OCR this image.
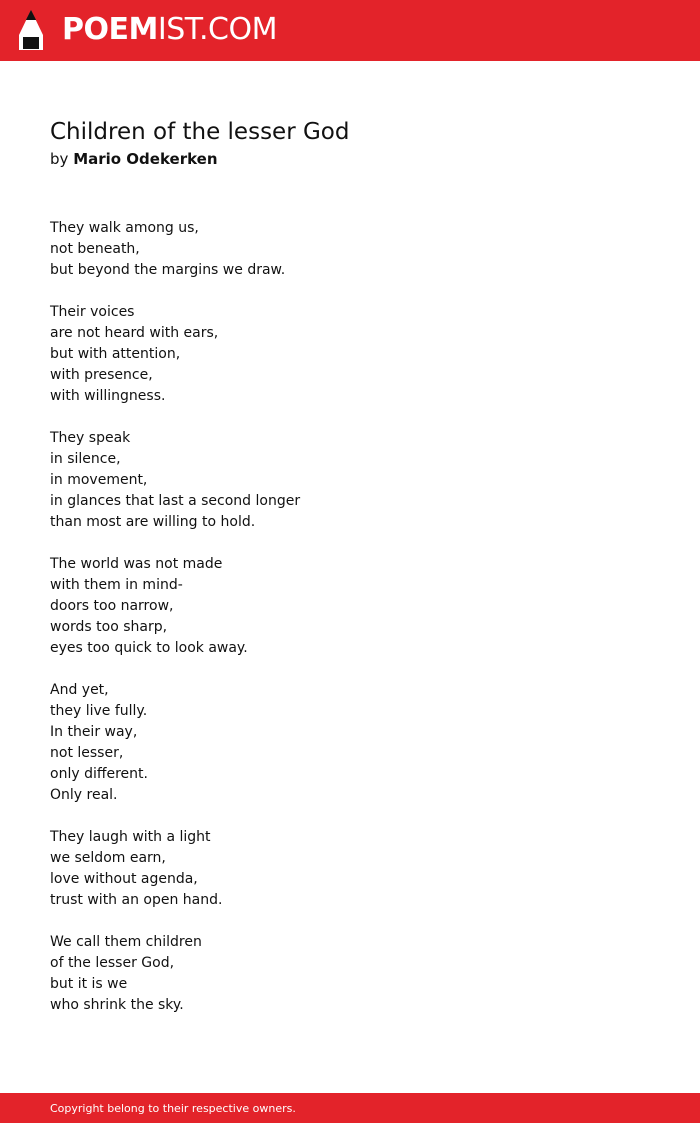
POEMIST.COM
Children of the lesser God
by Mario Odekerken
They walk among us,
not beneath,
but beyond the margins we draw.
Their voices
are not heard with ears,
but with attention,
with presence,
with willingness.
They speak
in silence,
in movement,
in glances that last a second longer
than most are willing to hold.
The world was not made
with them in mind-
doors too narrow,
words too sharp,
eyes too quick to look away.
And yet,
they live fully.
In their way,
not lesser,
only different.
Only real.
They laugh with a light
we seldom earn,
love without agenda,
trust with an open hand.
We call them children
of the lesser God,
but it is we
who shrink the sky.
Copyright belong to their respective owners.
